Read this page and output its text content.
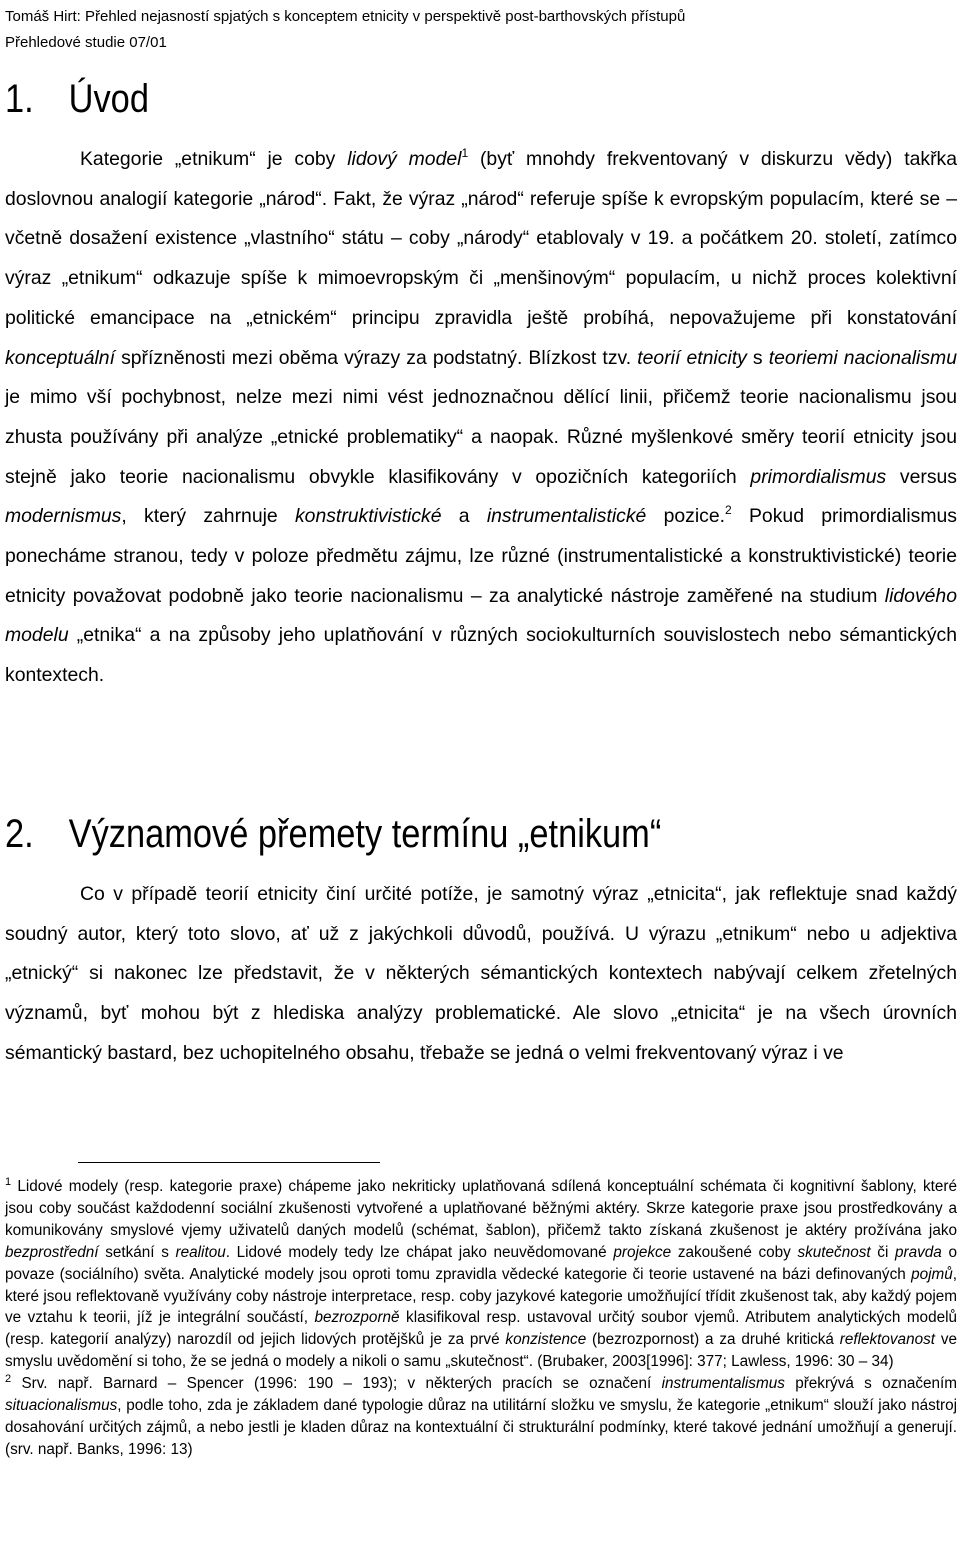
Tomáš Hirt: Přehled nejasností spjatých s konceptem etnicity v perspektivě post-barthovských přístupů
Přehledové studie 07/01
1. Úvod

Kategorie „etnikum“ je coby lidový model$^1$ (byť mnohdy frekventovaný v diskurzu vědy) takřka doslovnou analogií kategorie „národ“. Fakt, že výraz „národ“ referuje spíše k evropským populacím, které se – včetně dosažení existence „vlastního“ státu – coby „národy“ etablovaly v 19. a počátkem 20. století, zatímco výraz „etnikum“ odkazuje spíše k mimoevropským či „menšinovým“ populacím, u nichž proces kolektivní politické emancipace na „etnickém“ principu zpravidla ještě probíhá, nepovažujeme při konstatování konceptuální spřízněnosti mezi oběma výrazy za podstatný. Blízkost tzv. teorií etnicity s teoriemi nacionalismu je mimo vší pochybnost, nelze mezi nimi vést jednoznačnou dělící linii, přičemž teorie nacionalismu jsou zhusta používány při analýze „etnické problematiky“ a naopak. Různé myšlenkové směry teorií etnicity jsou stejně jako teorie nacionalismu obvykle klasifikovány v opozičních kategoriích primordialismus versus modernismus, který zahrnuje konstruktivistické a instrumentalistické pozice.$^2$ Pokud primordialismus ponecháme stranou, tedy v poloze předmětu zájmu, lze různé (instrumentalistické a konstruktivistické) teorie etnicity považovat podobně jako teorie nacionalismu – za analytické nástroje zaměřené na studium lidového modelu „etnika“ a na způsoby jeho uplatňování v různých sociokulturních souvislostech nebo sémantických kontextech.

2. Významové přemety termínu „etnikum“

Co v případě teorií etnicity činí určité potíže, je samotný výraz „etnicita“, jak reflektuje snad každý soudný autor, který toto slovo, ať už z jakýchkoli důvodů, používá. U výrazu „etnikum“ nebo u adjektiva „etnický“ si nakonec lze představit, že v některých sémantických kontextech nabývají celkem zřetelných významů, byť mohou být z hlediska analýzy problematické. Ale slovo „etnicita“ je na všech úrovních sémantický bastard, bez uchopitelného obsahu, třebaže se jedná o velmi frekventovaný výraz i ve

$^1$ Lidové modely (resp. kategorie praxe) chápeme jako nekriticky uplatňovaná sdílená konceptuální schémata či kognitivní šablony, které jsou coby součást každodenní sociální zkušenosti vytvořené a uplatňované běžnými aktéry. Skrze kategorie praxe jsou prostředkovány a komunikovány smyslové vjemy uživatelů daných modelů (schémat, šablon), přičemž takto získaná zkušenost je aktéry prožívána jako bezprostřední setkání s realitou. Lidové modely tedy lze chápat jako neuvědomované projekce zakoušené coby skutečnost či pravda o povaze (sociálního) světa. Analytické modely jsou oproti tomu zpravidla vědecké kategorie či teorie ustavené na bázi definovaných pojmů, které jsou reflektovaně využívány coby nástroje interpretace, resp. coby jazykové kategorie umožňující třídit zkušenost tak, aby každý pojem ve vztahu k teorii, jíž je integrální součástí, bezrozporně klasifikoval resp. ustavoval určitý soubor vjemů. Atributem analytických modelů (resp. kategorií analýzy) narozdíl od jejich lidových protějšků je za prvé konzistence (bezrozpornost) a za druhé kritická reflektovanost ve smyslu uvědomění si toho, že se jedná o modely a nikoli o samu „skutečnost“. (Brubaker, 2003[1996]: 377; Lawless, 1996: 30 – 34)

$^2$ Srv. např. Barnard – Spencer (1996: 190 – 193); v některých pracích se označení instrumentalismus překrývá s označením situacionalismus, podle toho, zda je základem dané typologie důraz na utilitární složku ve smyslu, že kategorie „etnikum“ slouží jako nástroj dosahování určitých zájmů, a nebo jestli je kladen důraz na kontextuální či strukturální podmínky, které takové jednání umožňují a generují. (srv. např. Banks, 1996: 13)
